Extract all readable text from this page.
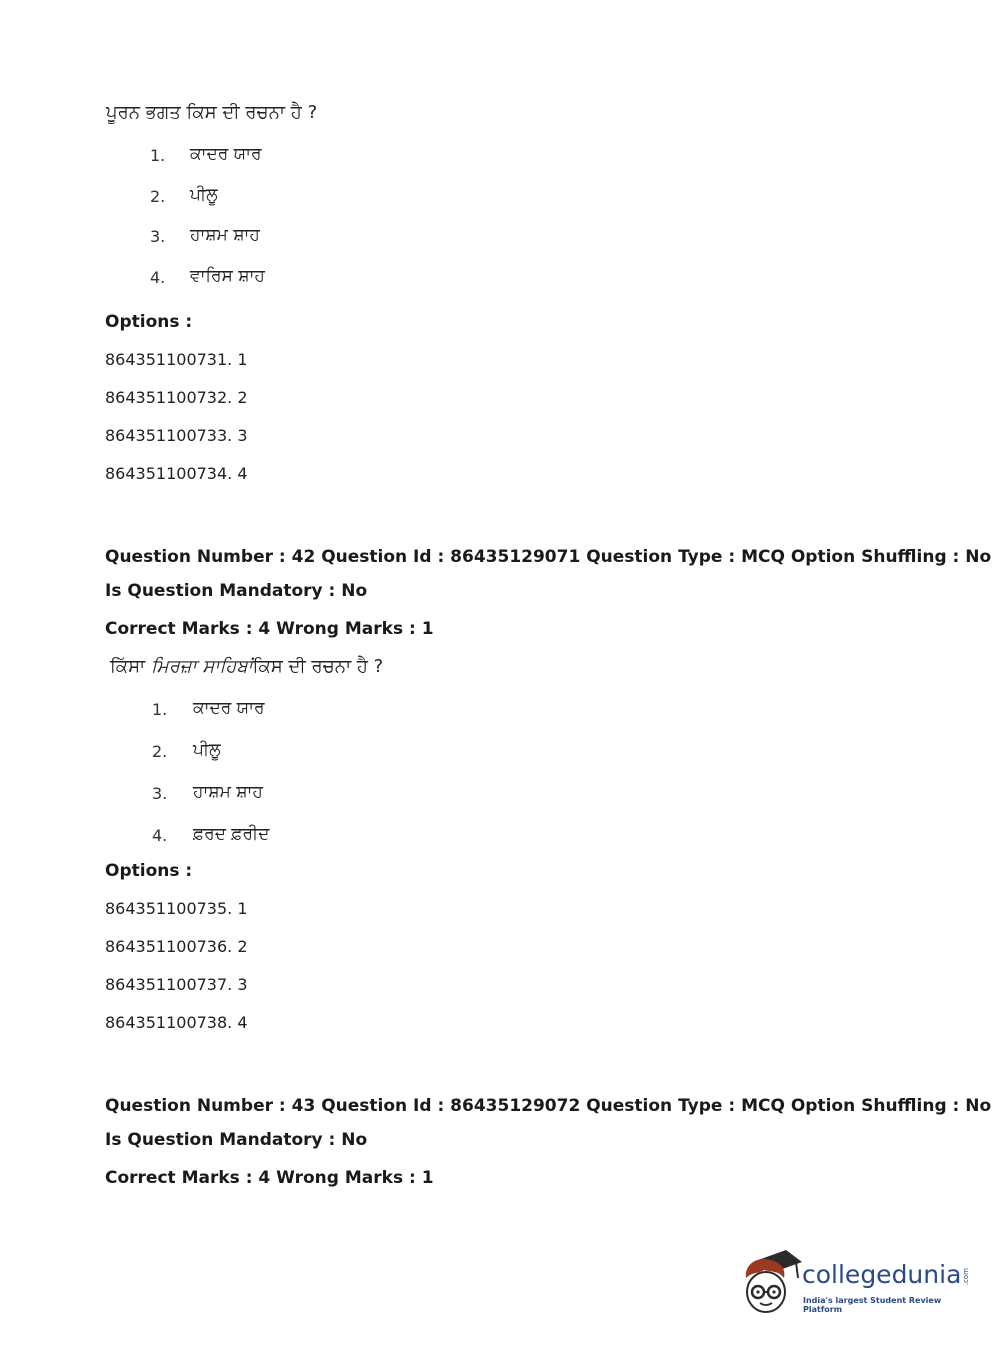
ਪੂਰਨ ਭਗਤ ਕਿਸ ਦੀ ਰਚਨਾ ਹੈ ?
1. ਕਾਦਰ ਯਾਰ
2. ਪੀਲੂ
3. ਹਾਸ਼ਮ ਸ਼ਾਹ
4. ਵਾਰਿਸ ਸ਼ਾਹ
Options :
864351100731. 1
864351100732. 2
864351100733. 3
864351100734. 4
Question Number : 42 Question Id : 86435129071 Question Type : MCQ Option Shuffling : No
Is Question Mandatory : No
Correct Marks : 4 Wrong Marks : 1
ਕਿੱਸਾ ਮਿਰਜ਼ਾ ਸਾਹਿਬਾਂਕਿਸ ਦੀ ਰਚਨਾ ਹੈ ?
1. ਕਾਦਰ ਯਾਰ
2. ਪੀਲੂ
3. ਹਾਸ਼ਮ ਸ਼ਾਹ
4. ਫ਼ਰਦ ਫ਼ਰੀਦ
Options :
864351100735. 1
864351100736. 2
864351100737. 3
864351100738. 4
Question Number : 43 Question Id : 86435129072 Question Type : MCQ Option Shuffling : No
Is Question Mandatory : No
Correct Marks : 4 Wrong Marks : 1
collegedunia .com
India's largest Student Review Platform
